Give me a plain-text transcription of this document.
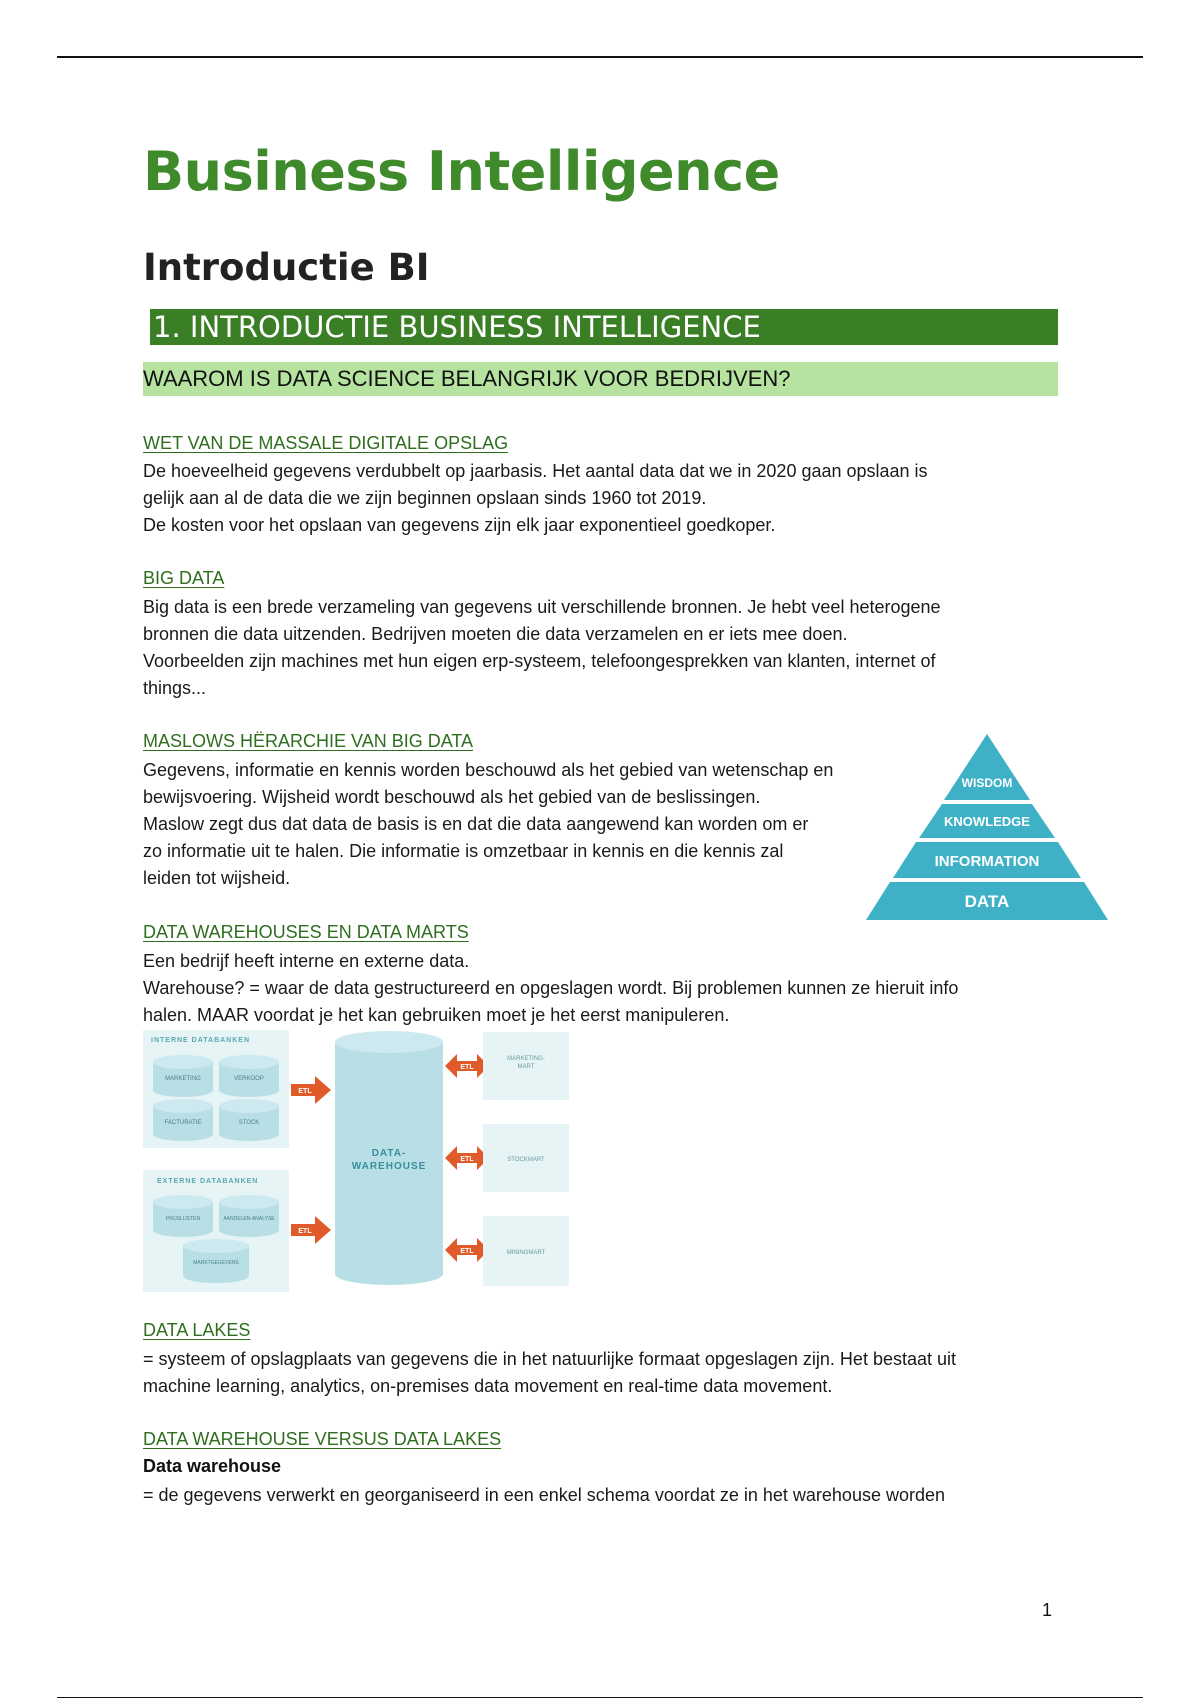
Business Intelligence
Introductie BI
1. INTRODUCTIE BUSINESS INTELLIGENCE
WAAROM IS DATA SCIENCE BELANGRIJK VOOR BEDRIJVEN?
WET VAN DE MASSALE DIGITALE OPSLAG

De hoeveelheid gegevens verdubbelt op jaarbasis. Het aantal data dat we in 2020 gaan opslaan is

gelijk aan al de data die we zijn beginnen opslaan sinds 1960 tot 2019.

De kosten voor het opslaan van gegevens zijn elk jaar exponentieel goedkoper.

BIG DATA

Big data is een brede verzameling van gegevens uit verschillende bronnen. Je hebt veel heterogene

bronnen die data uitzenden. Bedrijven moeten die data verzamelen en er iets mee doen.

Voorbeelden zijn machines met hun eigen erp-systeem, telefoongesprekken van klanten, internet of

things...

MASLOWS HËRARCHIE VAN BIG DATA

Gegevens, informatie en kennis worden beschouwd als het gebied van wetenschap en

bewijsvoering. Wijsheid wordt beschouwd als het gebied van de beslissingen.

Maslow zegt dus dat data de basis is en dat die data aangewend kan worden om er

zo informatie uit te halen. Die informatie is omzetbaar in kennis en die kennis zal

leiden tot wijsheid.

DATA WAREHOUSES EN DATA MARTS

Een bedrijf heeft interne en externe data.

Warehouse? = waar de data gestructureerd en opgeslagen wordt. Bij problemen kunnen ze hieruit info

halen. MAAR voordat je het kan gebruiken moet je het eerst manipuleren.

DATA LAKES

= systeem of opslagplaats van gegevens die in het natuurlijke formaat opgeslagen zijn. Het bestaat uit

machine learning, analytics, on-premises data movement en real-time data movement.

DATA WAREHOUSE VERSUS DATA LAKES
Data warehouse

= de gegevens verwerkt en georganiseerd in een enkel schema voordat ze in het warehouse worden

1
WISDOM
KNOWLEDGE
INFORMATION
DATA
INTERNE DATABANKEN
MARKETING	VERKOOP
FACTURATIE	STOCK
EXTERNE DATABANKEN
PRIJSLIJSTEN	AANDELEN-ANALYSE
MARKTGEGEVENS
ETL
ETL
DATA-
WAREHOUSE
ETL
ETL
ETL
MARKETING-
MART
STOCKMART
MININGMART
